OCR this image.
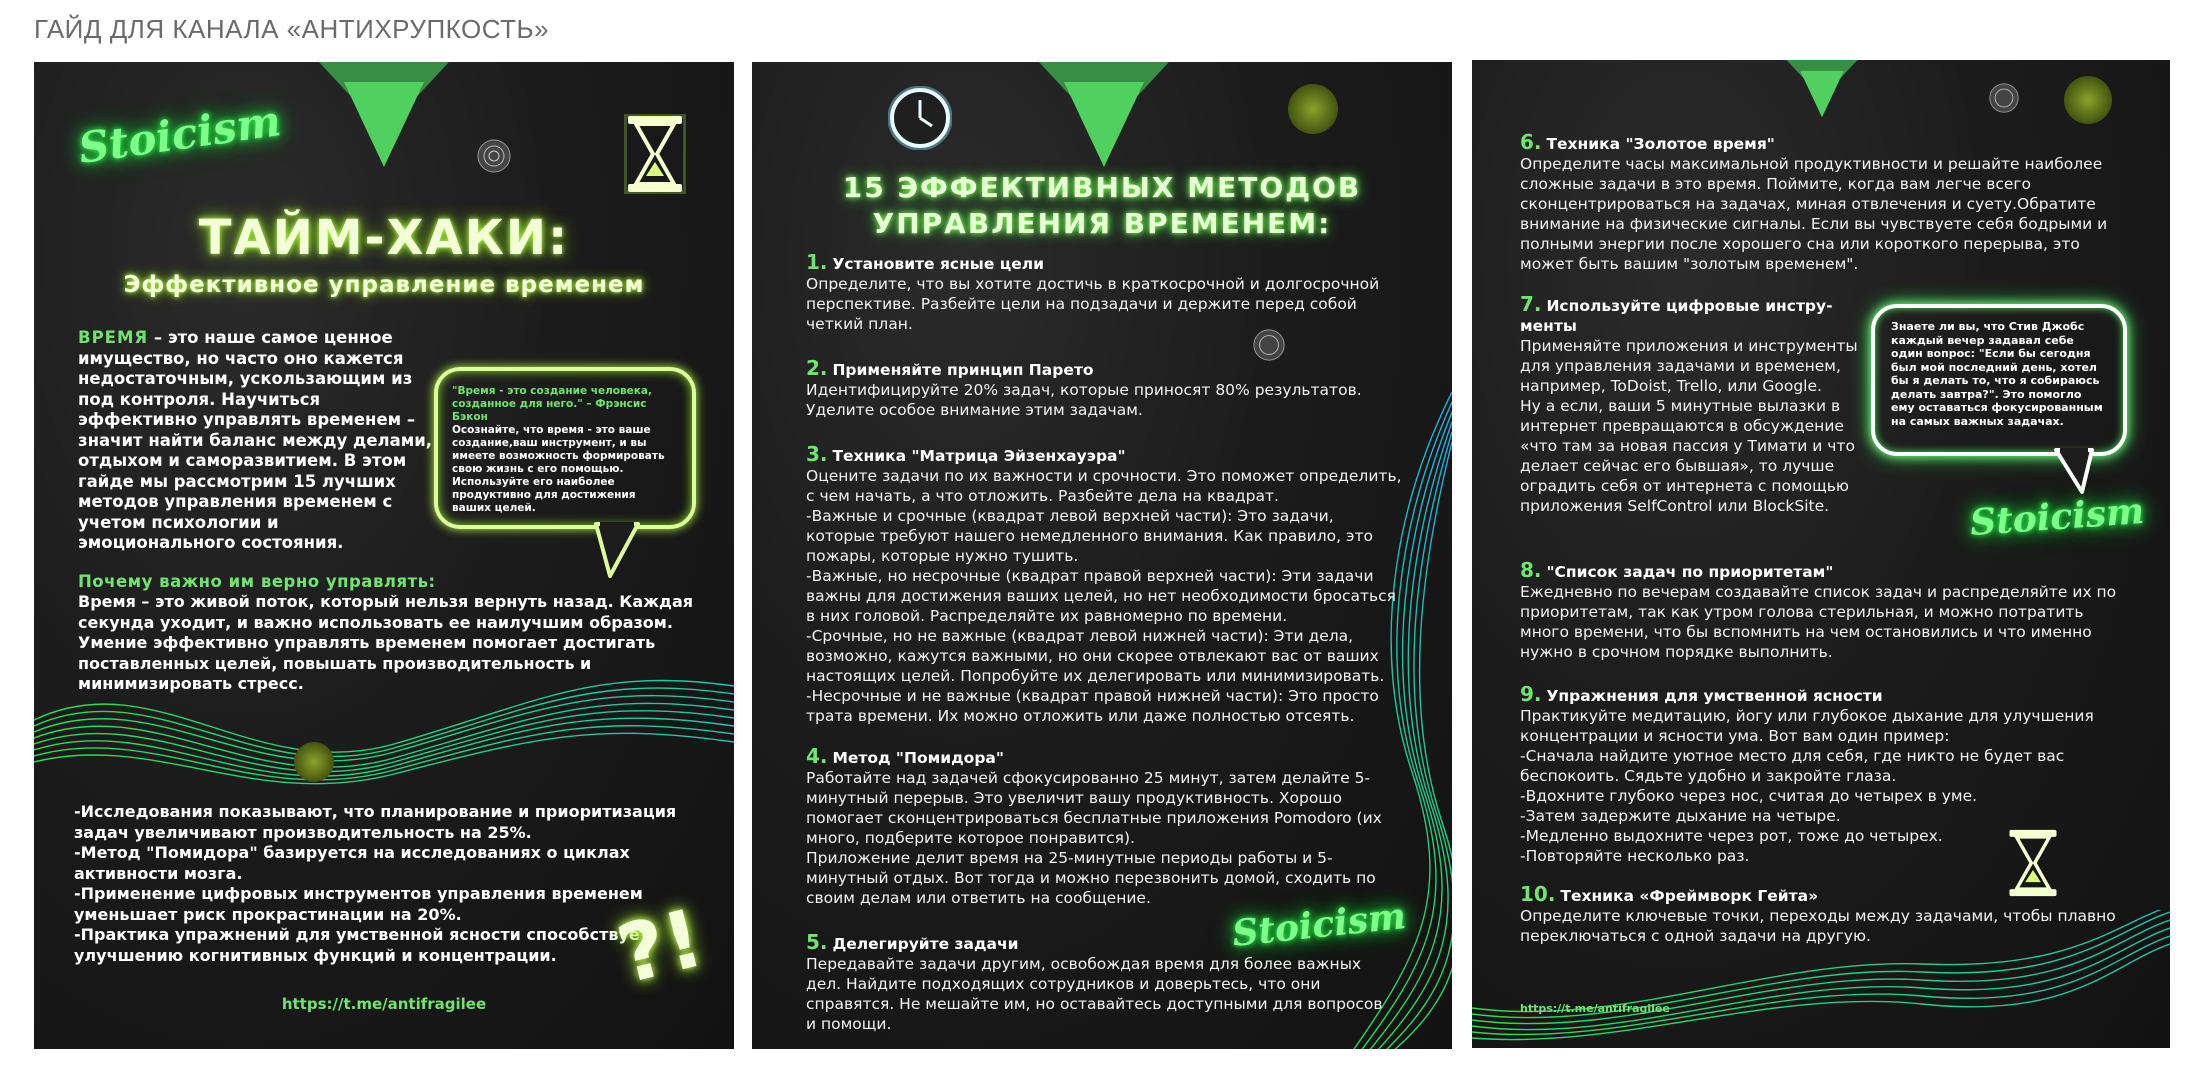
ГАЙД ДЛЯ КАНАЛА «АНТИХРУПКОСТЬ»
Stoicism
ТАЙМ-ХАКИ:
Эффективное управление временем
ВРЕМЯ – это наше самое ценное имущество, но часто оно кажется недостаточным, ускользающим из под контроля. Научиться эффективно управлять временем – значит найти баланс между делами, отдыхом и саморазвитием. В этом гайде мы рассмотрим 15 лучших методов управления временем с учетом психологии и эмоционального состояния.
"Время - это создание человека, созданное для него." – Фрэнсис Бэкон
Осознайте, что время - это ваше создание,ваш инструмент, и вы имеете возможность формировать свою жизнь с его помощью. Используйте его наиболее продуктивно для достижения ваших целей.
Почему важно им верно управлять:
Время – это живой поток, который нельзя вернуть назад. Каждая секунда уходит, и важно использовать ее наилучшим образом. Умение эффективно управлять временем помогает достигать поставленных целей, повышать производительность и минимизировать стресс.
-Исследования показывают, что планирование и приоритизация задач увеличивают производительность на 25%.
-Метод "Помидора" базируется на исследованиях о циклах активности мозга.
-Применение цифровых инструментов управления временем уменьшает риск прокрастинации на 20%.
-Практика упражнений для умственной ясности способствует улучшению когнитивных функций и концентрации. ?!
https://t.me/antifragilee
15 ЭФФЕКТИВНЫХ МЕТОДОВ
УПРАВЛЕНИЯ ВРЕМЕНЕМ:
Stoicism
1. Установите ясные цели
Определите, что вы хотите достичь в краткосрочной и долгосрочной перспективе. Разбейте цели на подзадачи и держите перед собой четкий план.
2. Применяйте принцип Парето
Идентифицируйте 20% задач, которые приносят 80% результатов. Уделите особое внимание этим задачам.
3. Техника "Матрица Эйзенхауэра"
Оцените задачи по их важности и срочности. Это поможет определить, с чем начать, а что отложить. Разбейте дела на квадрат.
-Важные и срочные (квадрат левой верхней части): Это задачи, которые требуют нашего немедленного внимания. Как правило, это пожары, которые нужно тушить.
-Важные, но несрочные (квадрат правой верхней части): Эти задачи важны для достижения ваших целей, но нет необходимости бросаться в них головой. Распределяйте их равномерно по времени.
-Срочные, но не важные (квадрат левой нижней части): Эти дела, возможно, кажутся важными, но они скорее отвлекают вас от ваших настоящих целей. Попробуйте их делегировать или минимизировать.
-Несрочные и не важные (квадрат правой нижней части): Это просто трата времени. Их можно отложить или даже полностью отсеять.
4. Метод "Помидора"
Работайте над задачей сфокусированно 25 минут, затем делайте 5-минутный перерыв. Это увеличит вашу продуктивность. Хорошо помогает сконцентрироваться бесплатные приложения Pomodoro (их много, подберите которое понравится).
Приложение делит время на 25-минутные периоды работы и 5-минутный отдых. Вот тогда и можно перезвонить домой, сходить по своим делам или ответить на сообщение.
5. Делегируйте задачи
Передавайте задачи другим, освобождая время для более важных дел. Найдите подходящих сотрудников и доверьтесь, что они справятся. Не мешайте им, но оставайтесь доступными для вопросов и помощи.
Знаете ли вы, что Стив Джобс каждый вечер задавал себе один вопрос: "Если бы сегодня был мой последний день, хотел бы я делать то, что я собираюсь делать завтра?". Это помогло ему оставаться фокусированным на самых важных задачах.
Stoicism
6. Техника "Золотое время"
Определите часы максимальной продуктивности и решайте наиболее сложные задачи в это время. Поймите, когда вам легче всего сконцентрироваться на задачах, миная отвлечения и суету.Обратите внимание на физические сигналы. Если вы чувствуете себя бодрыми и полными энергии после хорошего сна или короткого перерыва, это может быть вашим "золотым временем".
7. Используйте цифровые инстру-
менты
Применяйте приложения и инструменты для управления задачами и временем, например, ToDoist, Trello, или Google.
Ну а если, ваши 5 минутные вылазки в интернет превращаются в обсуждение «что там за новая пассия у Тимати и что делает сейчас его бывшая», то лучше оградить себя от интернета с помощью приложения SelfControl или BlockSite.
8. "Список задач по приоритетам"
Ежедневно по вечерам создавайте список задач и распределяйте их по приоритетам, так как утром голова стерильная, и можно потратить много времени, что бы вспомнить на чем остановились и что именно нужно в срочном порядке выполнить.
9. Упражнения для умственной ясности
Практикуйте медитацию, йогу или глубокое дыхание для улучшения концентрации и ясности ума. Вот вам один пример:
-Сначала найдите уютное место для себя, где никто не будет вас беспокоить. Сядьте удобно и закройте глаза.
-Вдохните глубоко через нос, считая до четырех в уме.
-Затем задержите дыхание на четыре.
-Медленно выдохните через рот, тоже до четырех.
-Повторяйте несколько раз.
10. Техника «Фреймворк Гейта»
Определите ключевые точки, переходы между задачами, чтобы плавно переключаться с одной задачи на другую.
https://t.me/antifragilee
